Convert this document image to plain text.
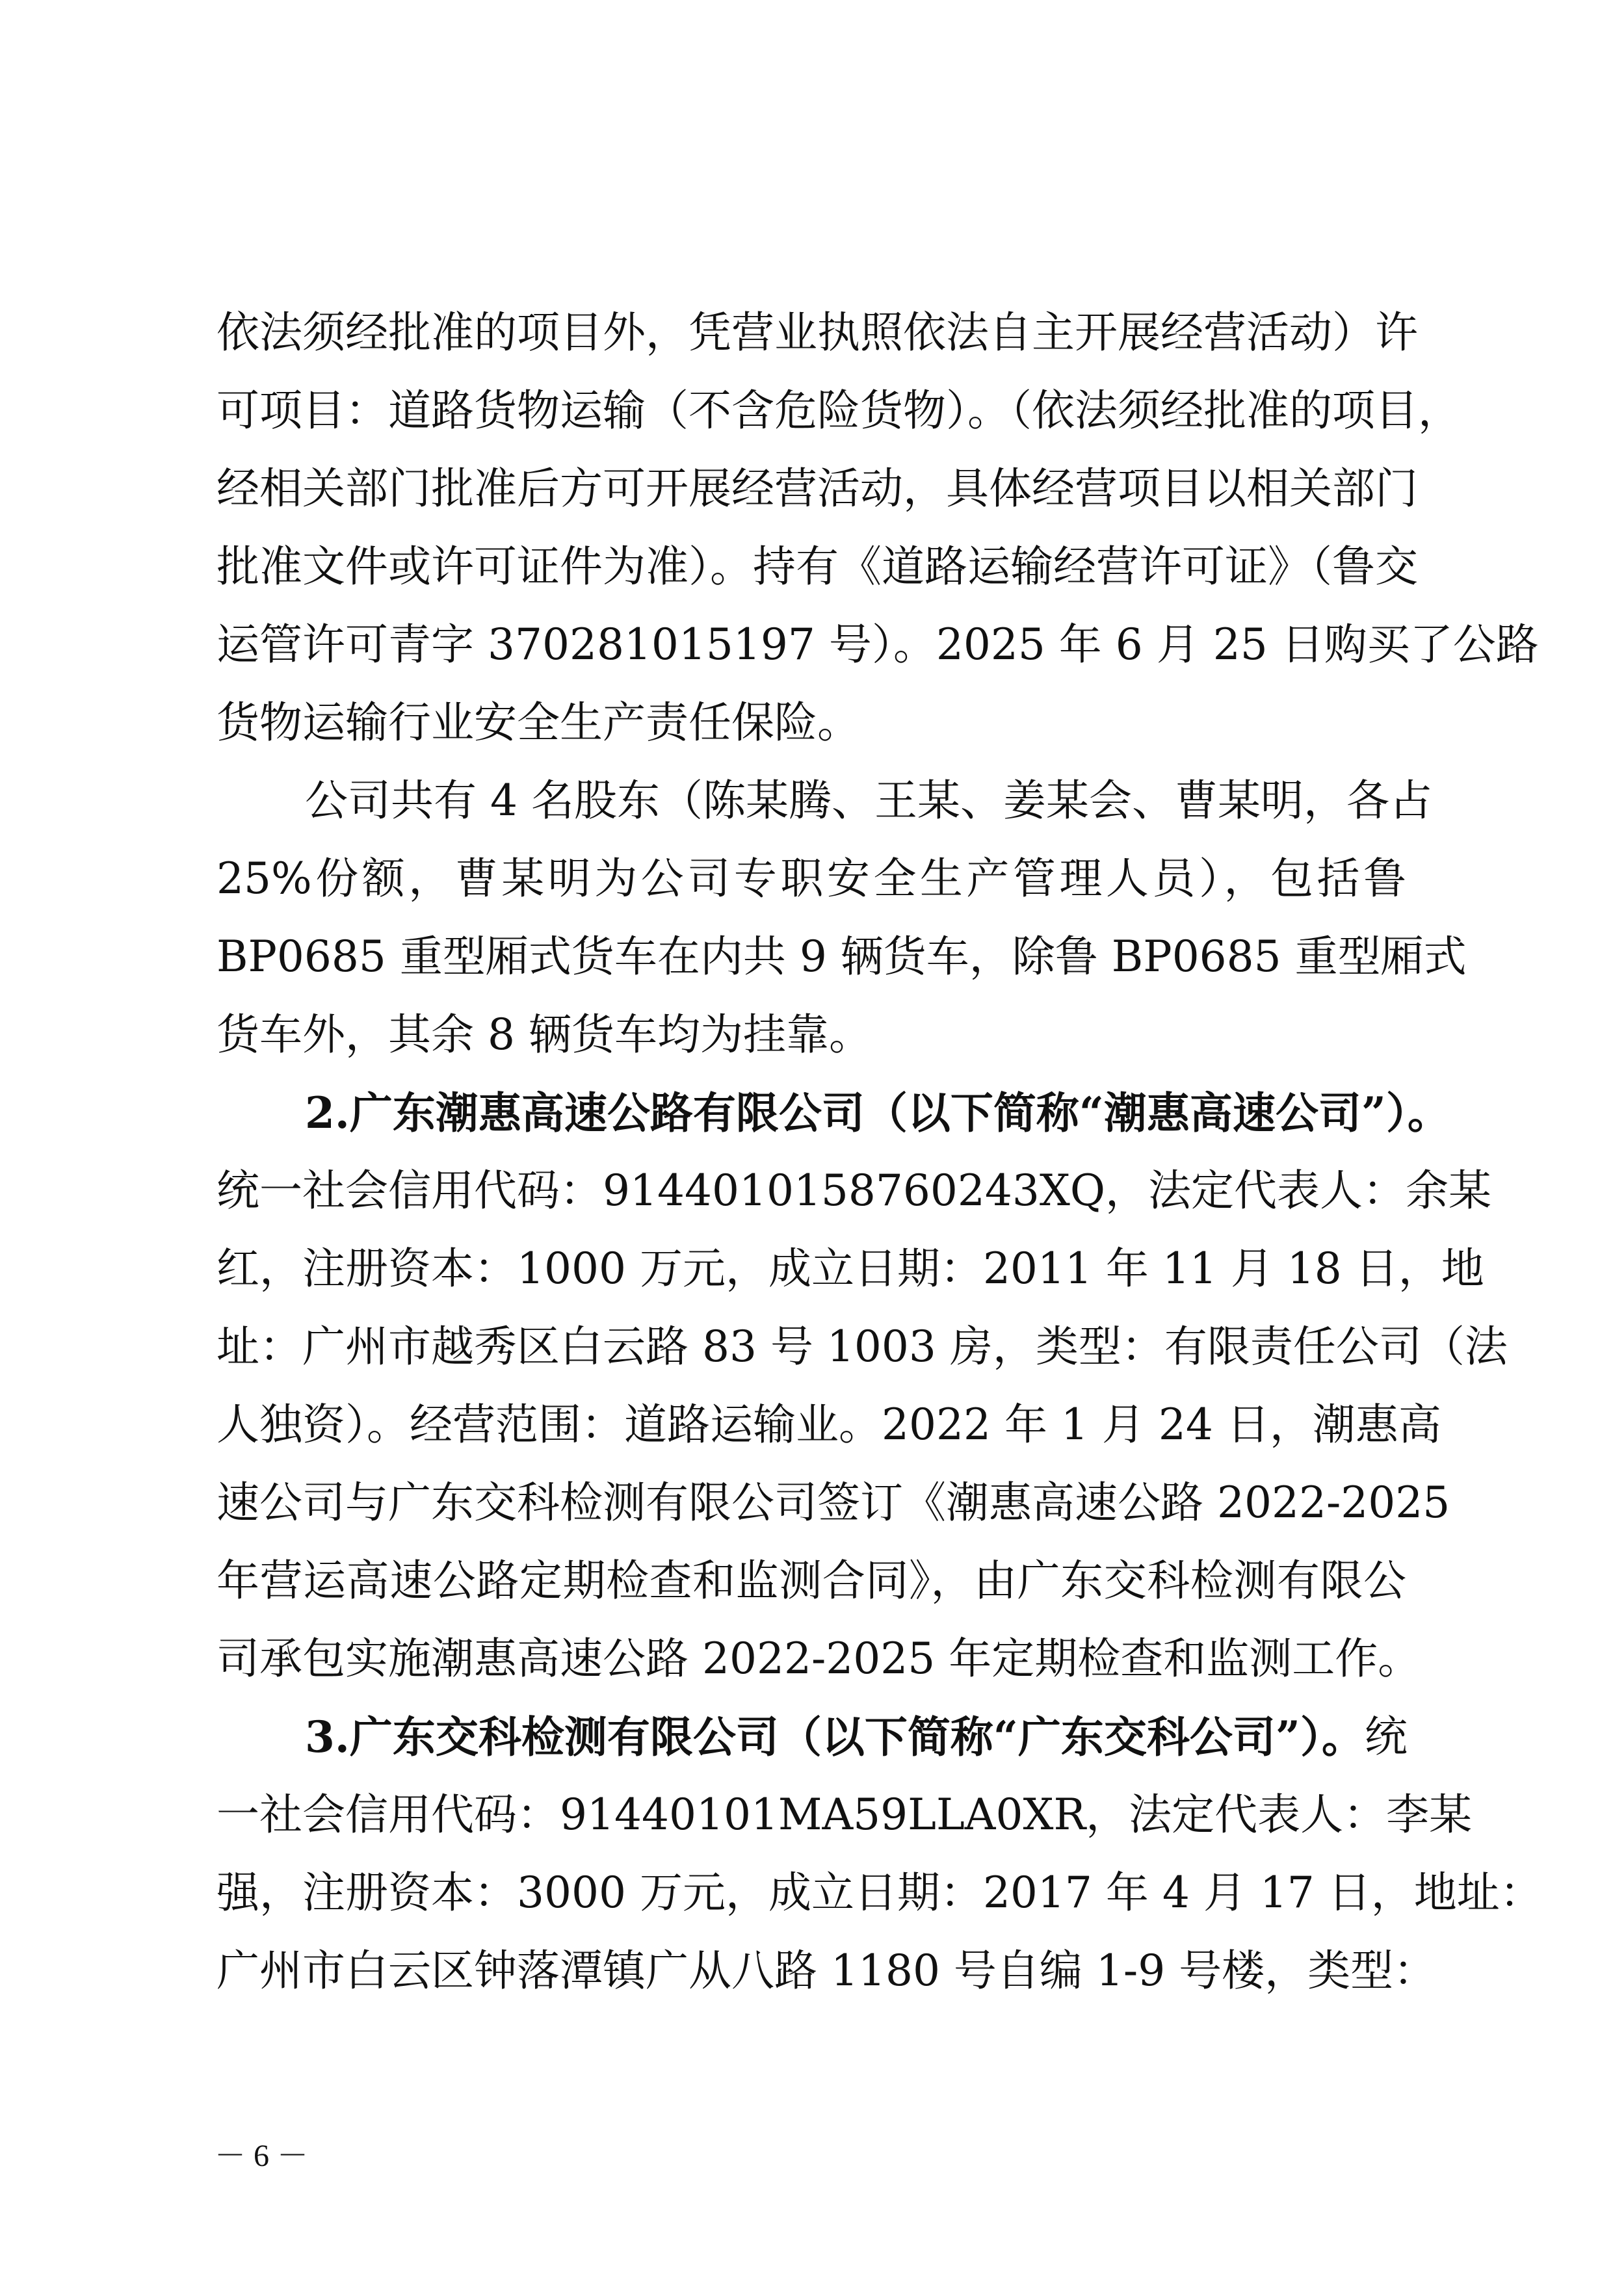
依法须经批准的项目外，凭营业执照依法自主开展经营活动）许
可项目：道路货物运输（不含危险货物）。（依法须经批准的项目，
经相关部门批准后方可开展经营活动，具体经营项目以相关部门
批准文件或许可证件为准）。持有《道路运输经营许可证》（鲁交
运管许可青字 370281015197 号）。2025 年 6 月 25 日购买了公路
货物运输行业安全生产责任保险。
公司共有 4 名股东（陈某腾、王某、姜某会、曹某明，各占
25%份额，曹某明为公司专职安全生产管理人员），包括鲁
BP0685 重型厢式货车在内共 9 辆货车，除鲁 BP0685 重型厢式
货车外，其余 8 辆货车均为挂靠。
2.广东潮惠高速公路有限公司（以下简称“潮惠高速公司”）。
统一社会信用代码：9144010158760243XQ，法定代表人：余某
红，注册资本：1000 万元，成立日期：2011 年 11 月 18 日，地
址：广州市越秀区白云路 83 号 1003 房，类型：有限责任公司（法
人独资）。经营范围：道路运输业。2022 年 1 月 24 日，潮惠高
速公司与广东交科检测有限公司签订《潮惠高速公路 2022-2025
年营运高速公路定期检查和监测合同》，由广东交科检测有限公
司承包实施潮惠高速公路 2022-2025 年定期检查和监测工作。
3.广东交科检测有限公司（以下简称“广东交科公司”）。 统
一社会信用代码：91440101MA59LLA0XR，法定代表人：李某
强，注册资本：3000 万元，成立日期：2017 年 4 月 17 日，地址：
广州市白云区钟落潭镇广从八路 1180 号自编 1-9 号楼，类型：
－ 6 －
